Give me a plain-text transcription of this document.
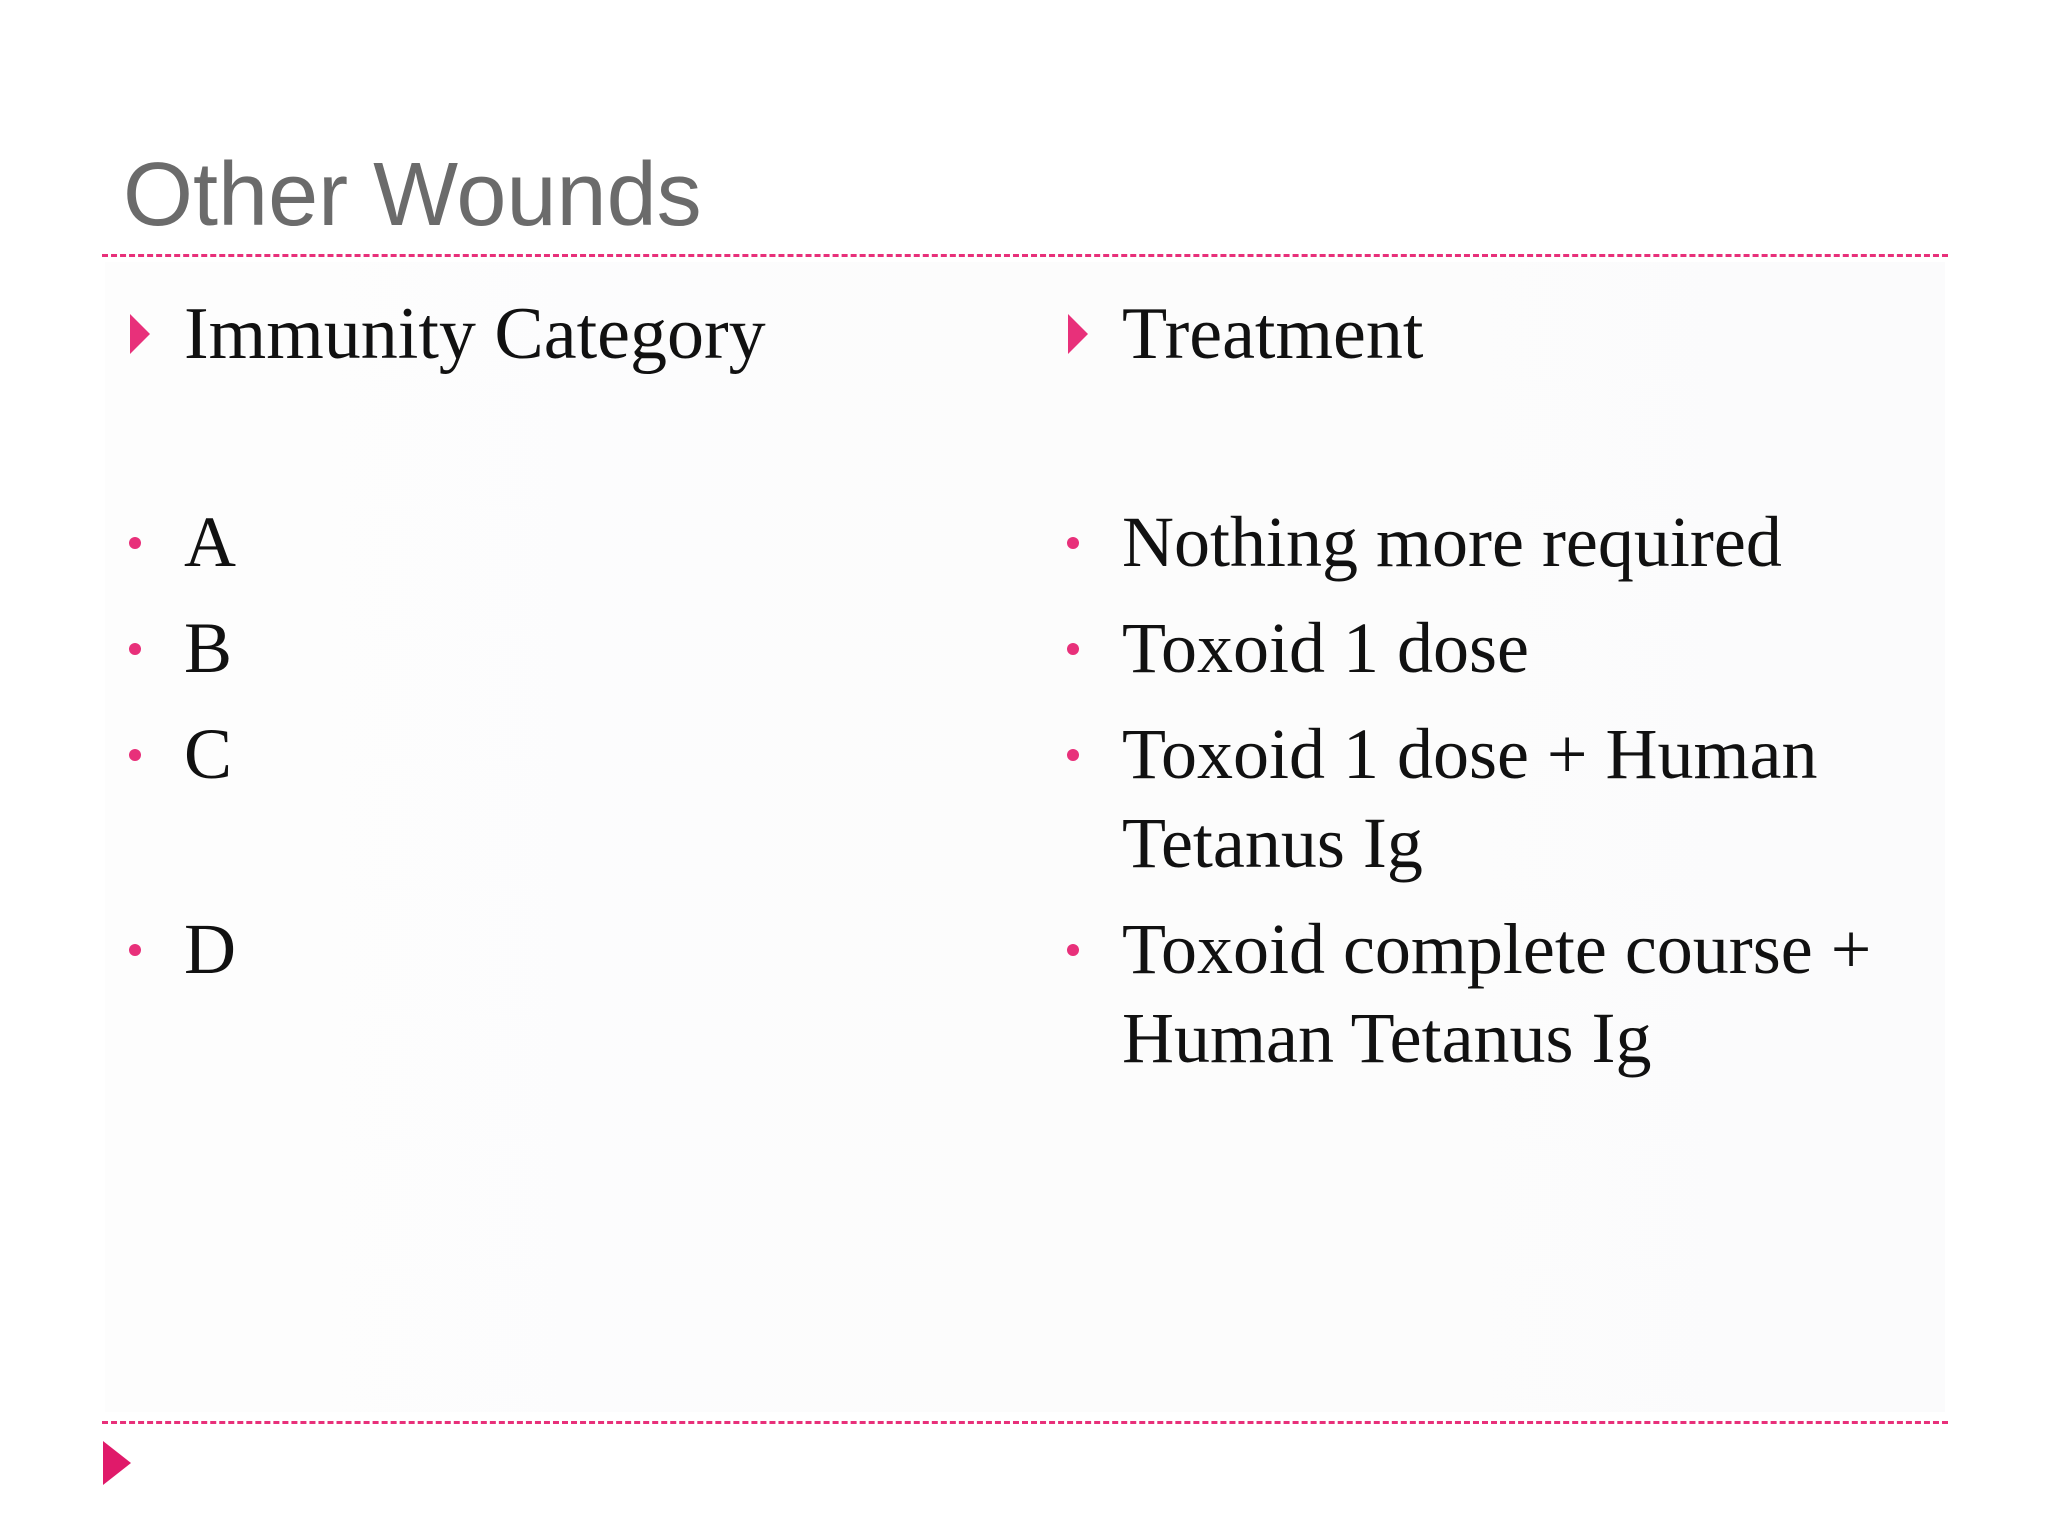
Other Wounds
Immunity Category
A
B
C
D
Treatment
Nothing more required
Toxoid 1 dose
Toxoid 1 dose + Human Tetanus Ig
Toxoid complete course + Human Tetanus Ig
